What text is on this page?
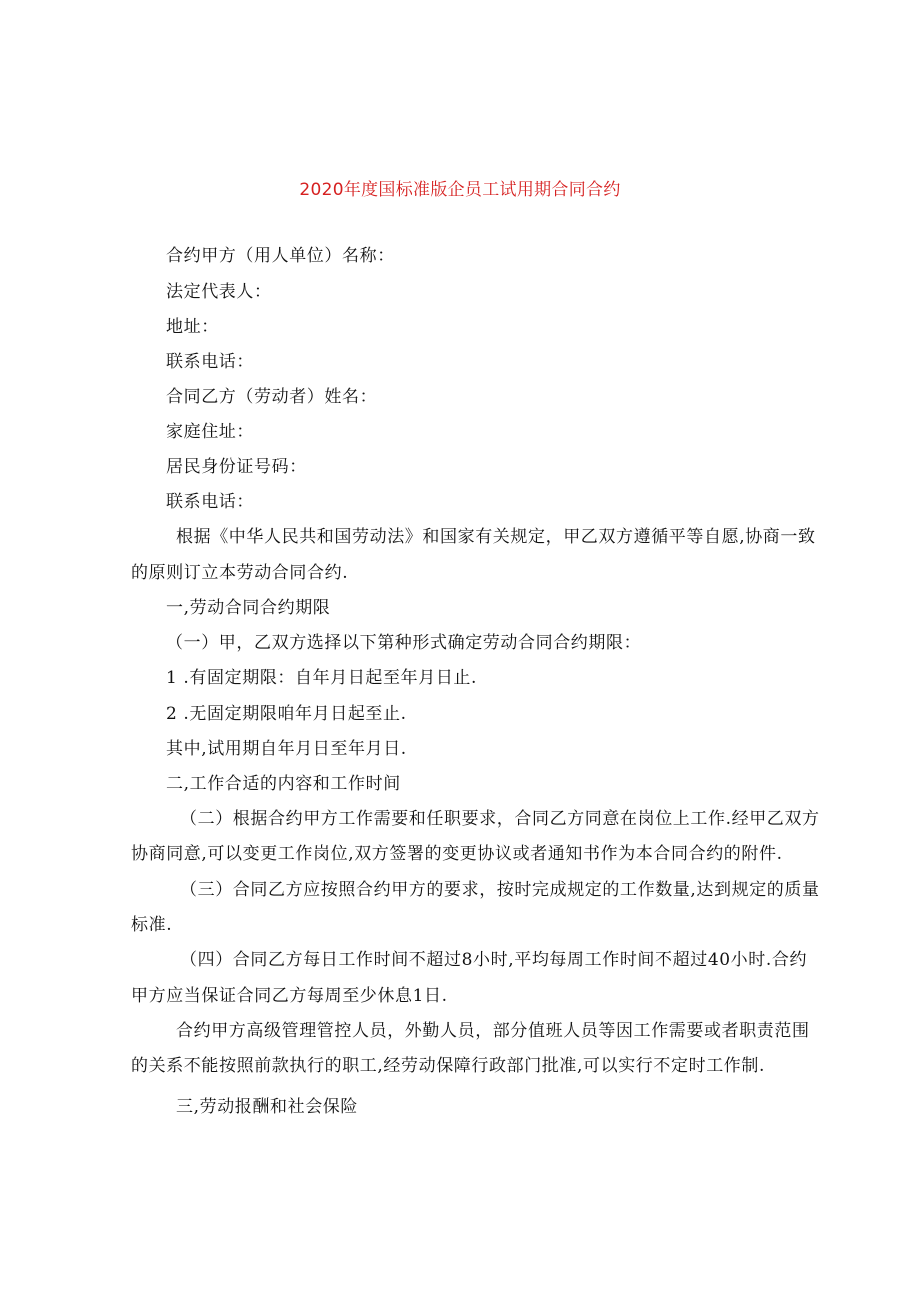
2020年度国标准版企员工试用期合同合约
合约甲方（用人单位）名称：
法定代表人：
地址：
联系电话：
合同乙方（劳动者）姓名：
家庭住址：
居民身份证号码：
联系电话：
根据《中华人民共和国劳动法》和国家有关规定，甲乙双方遵循平等自愿,协商一致
的原则订立本劳动合同合约.
一,劳动合同合约期限
（一）甲，乙双方选择以下第种形式确定劳动合同合约期限：
1 .有固定期限：自年月日起至年月日止.
2 .无固定期限咱年月日起至止.
其中,试用期自年月日至年月日.
二,工作合适的内容和工作时间
（二）根据合约甲方工作需要和任职要求，合同乙方同意在岗位上工作.经甲乙双方
协商同意,可以变更工作岗位,双方签署的变更协议或者通知书作为本合同合约的附件.
（三）合同乙方应按照合约甲方的要求，按时完成规定的工作数量,达到规定的质量
标准.
（四）合同乙方每日工作时间不超过8小时,平均每周工作时间不超过40小时.合约
甲方应当保证合同乙方每周至少休息1日.
合约甲方高级管理管控人员，外勤人员，部分值班人员等因工作需要或者职责范围
的关系不能按照前款执行的职工,经劳动保障行政部门批准,可以实行不定时工作制.
三,劳动报酬和社会保险
